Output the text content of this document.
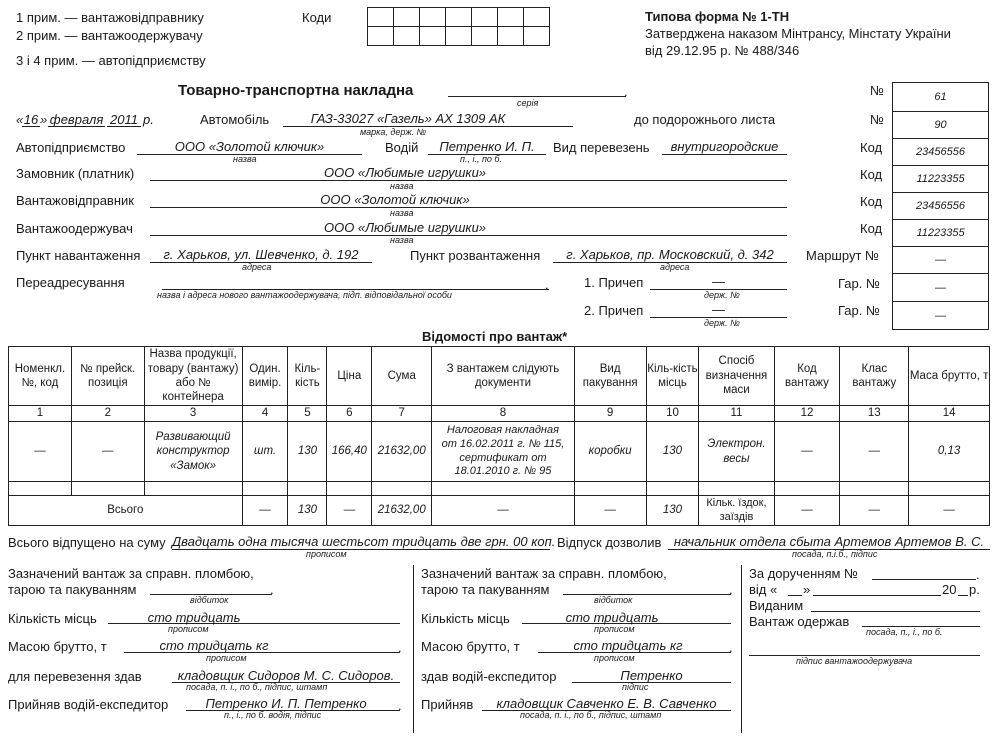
1 прим. — вантажовідправнику
2 прим. — вантажоодержувачу
3 і 4 прим. — автопідприємству
Коди

							Типова форма № 1-ТН
Затверджена наказом Мінтрансу, Мінстату України
від 29.12.95 р. № 488/346
№	61
№	90
Код	23456556
Код	11223355
Код	23456556
Код	11223355
Маршрут №	—
Гар. №	—
Гар. №	—
Товарно-транспортна накладна	.
серія
« 16 » февраля 2011 р.	Автомобіль	ГАЗ-33027 «Газель» АХ 1309 АК
марка, держ. №
до подорожнього листа
Автопідприємство	ООО «Золотой ключик»
назва
Водій	Петренко И. П.
п., і., по б.
Вид перевезень	внутригородские
Замовник (платник)	ООО «Любимые игрушки»
назва
Вантажовідправник	ООО «Золотой ключик»
назва
Вантажоодержувач	ООО «Любимые игрушки»
назва
Пункт навантаження	г. Харьков, ул. Шевченко, д. 192
адреса
Пункт розвантаження	г. Харьков, пр. Московский, д. 342
адреса
Переадресування	.
назва і адреса нового вантажоодержувача, підп. відповідальної особи
1. Причеп	—
держ. №
2. Причеп	—
держ. №
Відомості про вантаж*
Номенкл. №, код	№ прейск. позиція	Назва продукції, товару (вантажу) або № контейнера	Один. вимір.	Кіль-кість	Ціна	Сума	З вантажем слідують документи	Вид пакування	Кіль-кість місць	Спосіб визначення маси	Код вантажу	Клас вантажу	Маса брутто, т
1	2	3	4	5	6	7	8	9	10	11	12	13	14
—	—	Развивающий конструктор «Замок»	шт.	130	166,40	21632,00	Налоговая накладная от 16.02.2011 г. № 115, сертификат от 18.01.2010 г. № 95	коробки	130	Электрон. весы	—	—	0,13

Всього			—	130	—	21632,00	—	—	130	Кільк. їздок, заїздів	—	—	—
Всього відпущено на суму Двадцать одна тысяча шестьсот тридцать две грн. 00 коп.
прописом
Відпуск дозволив начальник отдела сбыта Артемов Артемов В. С.
посада, п.і.б., підпис
Зазначений вантаж за справн. пломбою,
тарою та пакуванням	.
відбиток
Кількість місць	сто тридцать
прописом
Масою брутто, т	.
сто тридцать кг
прописом
для перевезення здав	кладовщик Сидоров М. С. Сидоров.
посада, п. і., по б., підпис, штамп
Прийняв водій-експедитор	.
Петренко И. П. Петренко
п., і., по б. водія, підпис
Зазначений вантаж за справн. пломбою,
тарою та пакуванням	.
відбиток
Кількість місць	сто тридцать
прописом
Масою брутто, т	.
сто тридцать кг
прописом
здав водій-експедитор	Петренко
підпис
Прийняв	кладовщик Савченко Е. В. Савченко
посада, п. і., по б., підпис, штамп
За дорученням №	.
від « »	20 р.
Виданим
Вантаж одержав
посада, п., і., по б.
підпис вантажоодержувача
